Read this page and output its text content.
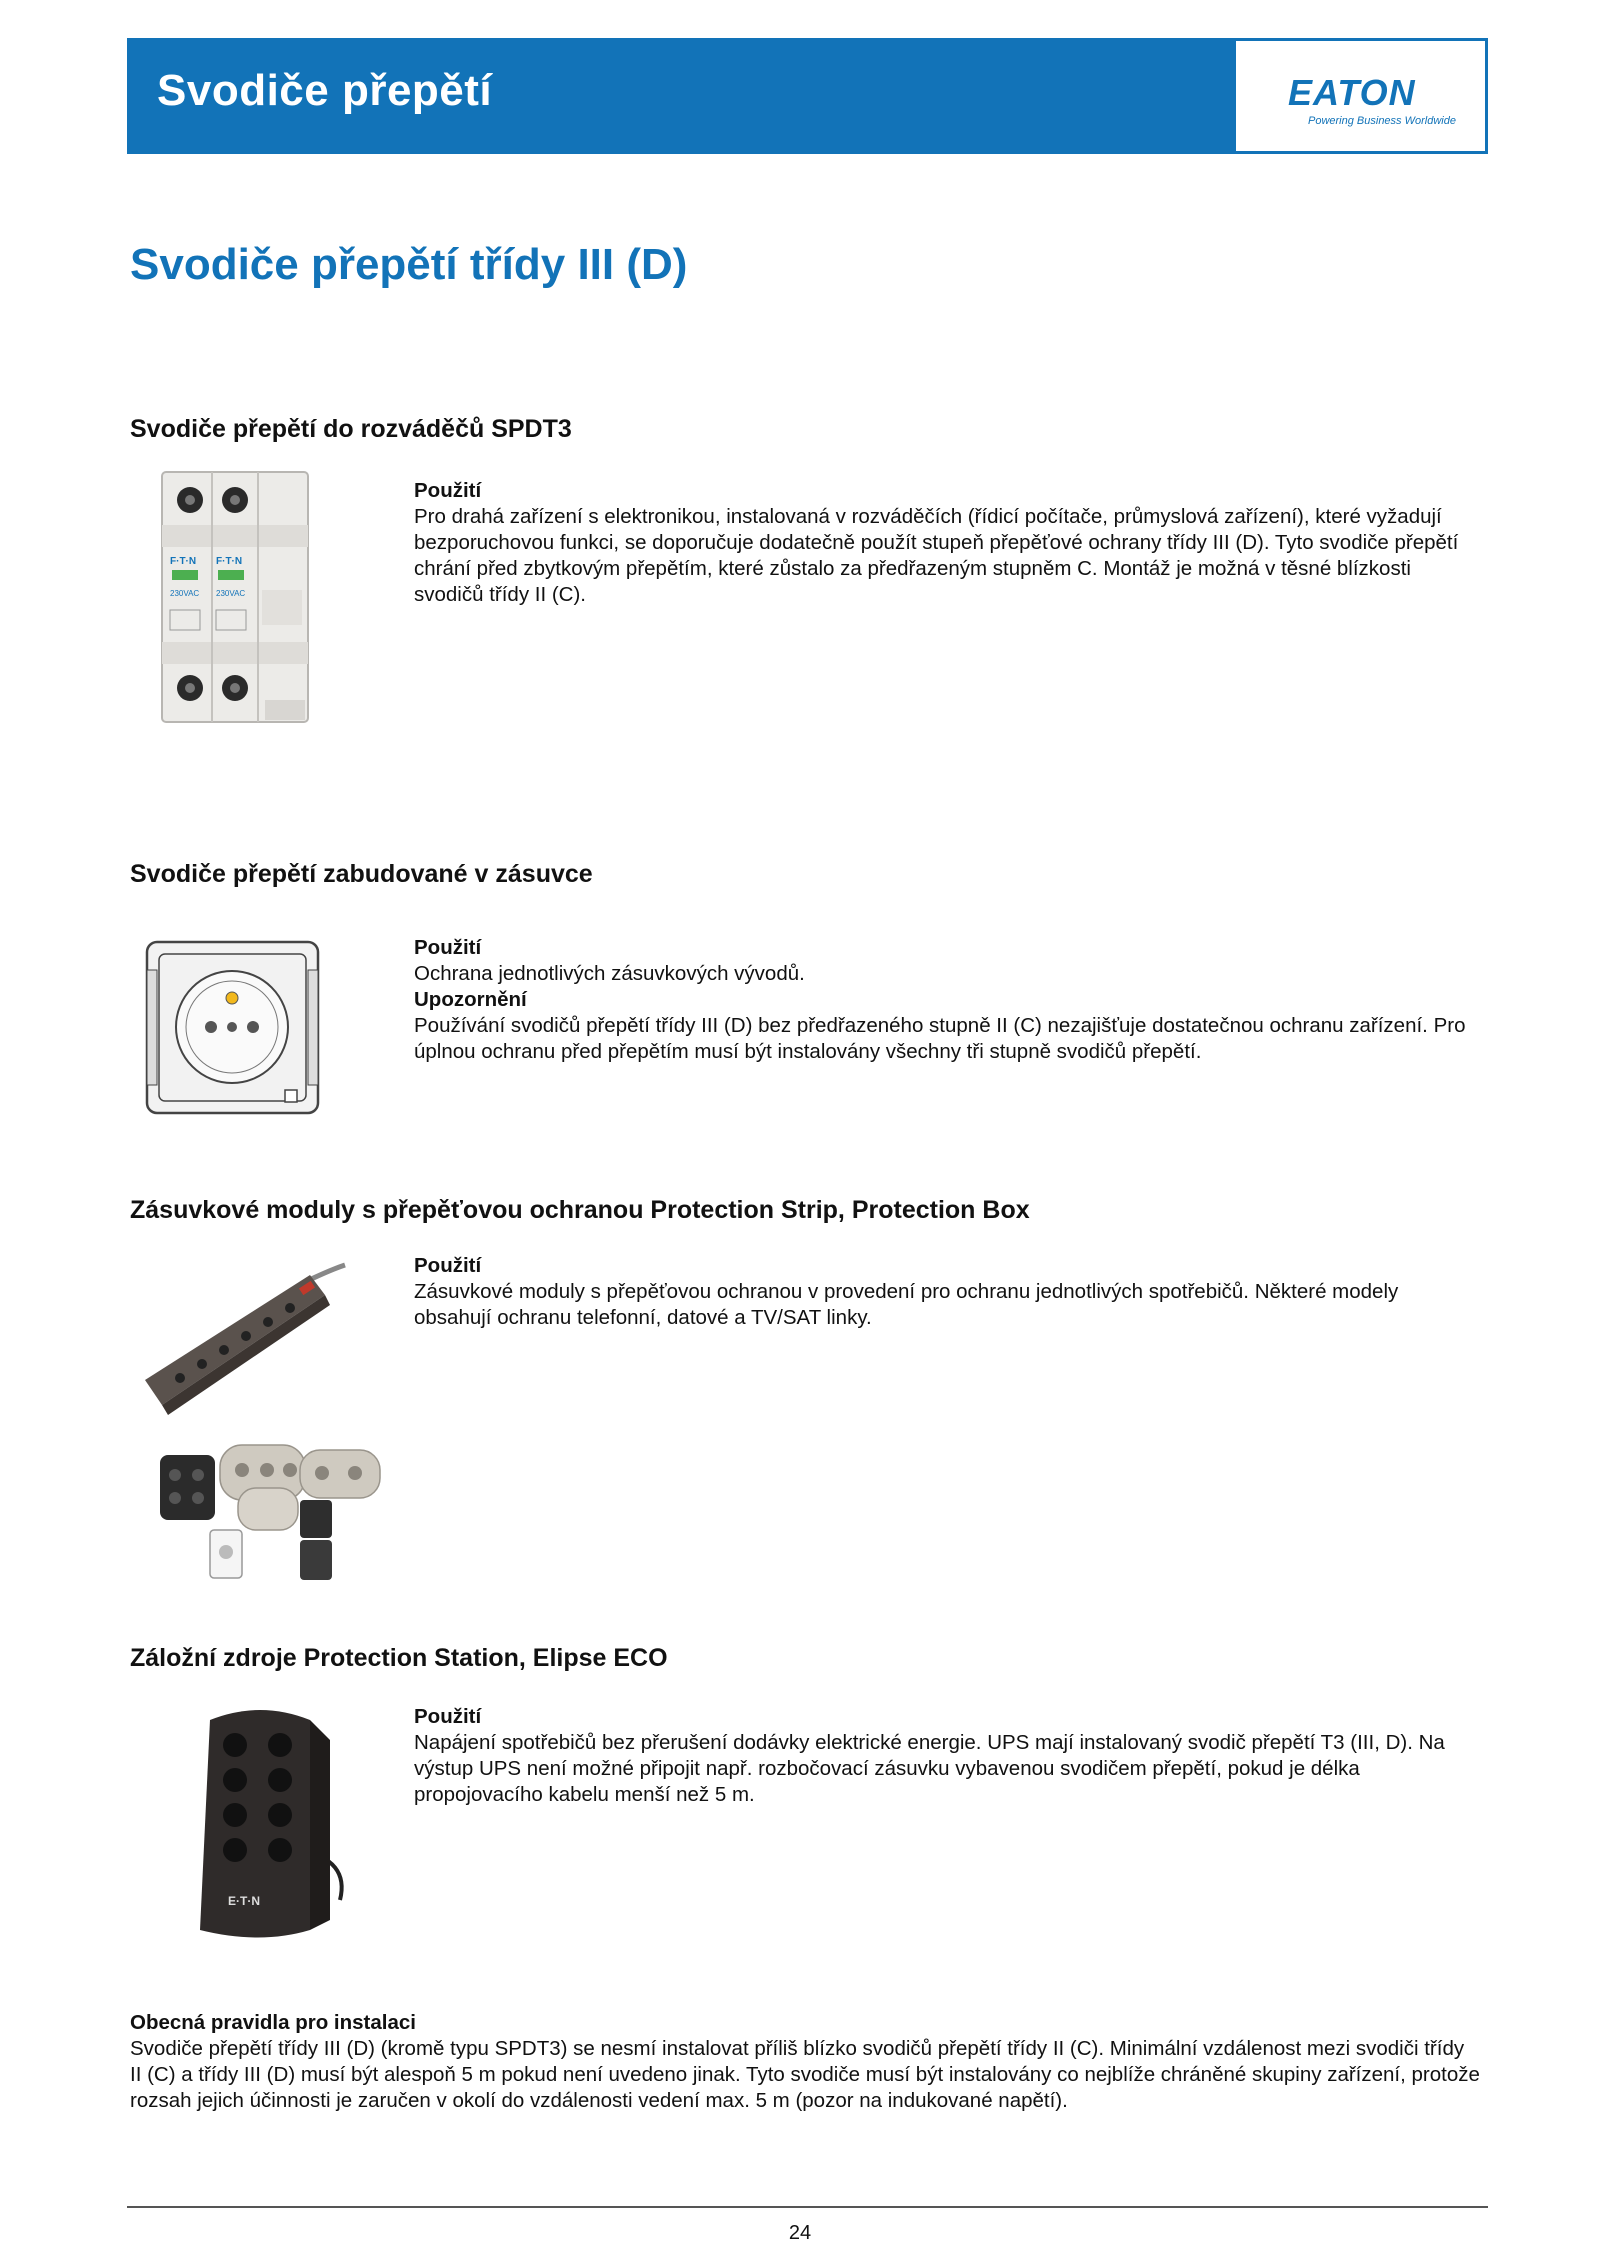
Svodiče přepětí	EATON
Powering Business Worldwide
Svodiče přepětí třídy III (D)
Svodiče přepětí do rozváděčů SPDT3
F·T·N F·T·N
230VAC 230VAC
Použití
Pro drahá zařízení s elektronikou, instalovaná v rozváděčích (řídicí počítače, průmyslová zařízení), které vyžadují bezporuchovou funkci, se doporučuje dodatečně použít stupeň přepěťové ochrany třídy III (D). Tyto svodiče přepětí chrání před zbytkovým přepětím, které zůstalo za předřazeným stupněm C. Montáž je možná v těsné blízkosti svodičů třídy II (C).
Svodiče přepětí zabudované v zásuvce
Použití
Ochrana jednotlivých zásuvkových vývodů.
Upozornění
Používání svodičů přepětí třídy III (D) bez předřazeného stupně II (C) nezajišťuje dostatečnou ochranu zařízení. Pro úplnou ochranu před přepětím musí být instalovány všechny tři stupně svodičů přepětí.
Zásuvkové moduly s přepěťovou ochranou Protection Strip, Protection Box
Použití
Zásuvkové moduly s přepěťovou ochranou v provedení pro ochranu jednotlivých spotřebičů. Některé modely obsahují ochranu telefonní, datové a TV/SAT linky.
Záložní zdroje Protection Station, Elipse ECO
E·T·N
Použití
Napájení spotřebičů bez přerušení dodávky elektrické energie. UPS mají instalovaný svodič přepětí T3 (III, D). Na výstup UPS není možné připojit např. rozbočovací zásuvku vybavenou svodičem přepětí, pokud je délka propojovacího kabelu menší než 5 m.
Obecná pravidla pro instalaci
Svodiče přepětí třídy III (D) (kromě typu SPDT3) se nesmí instalovat příliš blízko svodičů přepětí třídy II (C). Minimální vzdálenost mezi svodiči třídy II (C) a třídy III (D) musí být alespoň 5 m pokud není uvedeno jinak. Tyto svodiče musí být instalovány co nejblíže chráněné skupiny zařízení, protože rozsah jejich účinnosti je zaručen v okolí do vzdálenosti vedení max. 5 m (pozor na indukované napětí).
24
